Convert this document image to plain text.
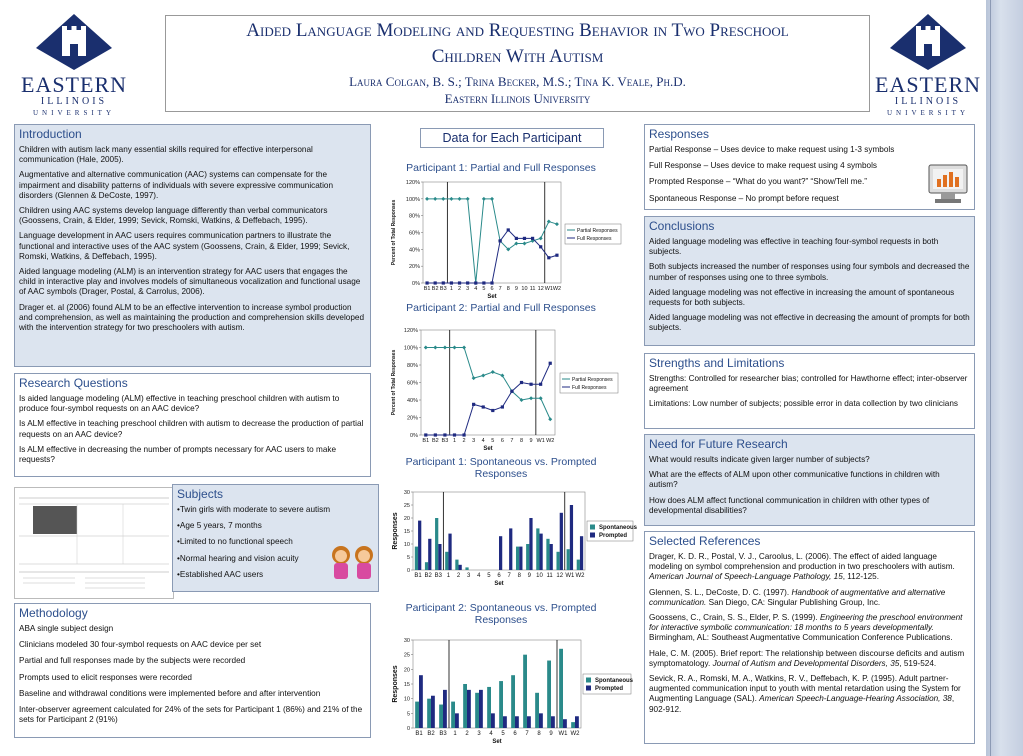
EASTERN
ILLINOIS
UNIVERSITY
EASTERN
ILLINOIS
UNIVERSITY
Aided Language Modeling and Requesting Behavior in Two Preschool
Children With Autism
Laura Colgan, B. S.; Trina Becker, M.S.; Tina K. Veale, Ph.D.
Eastern Illinois University
Introduction

Children with autism lack many essential skills required for effective interpersonal communication (Hale, 2005).

Augmentative and alternative communication (AAC) systems can compensate for the impairment and disability patterns of individuals with severe expressive communication disorders (Glennen & DeCoste, 1997).

Children using AAC systems develop language differently than verbal communicators (Goossens, Crain, & Elder, 1999; Sevick, Romski, Watkins, & Deffebach, 1995).

Language development in AAC users requires communication partners to illustrate the functional and interactive uses of the AAC system (Goossens, Crain, & Elder, 1999; Sevick, Romski, Watkins, & Deffebach, 1995).

Aided language modeling (ALM) is an intervention strategy for AAC users that engages the child in interactive play and involves models of simultaneous vocalization and functional usage of AAC symbols (Drager, Postal, & Carrolus, 2006).

Drager et. al (2006) found ALM to be an effective intervention to increase symbol production and comprehension, as well as maintaining the production and comprehension skills developed with the intervention strategy for two preschoolers with autism.

Research Questions

Is aided language modeling (ALM) effective in teaching preschool children with autism to produce four-symbol requests on an AAC device?

Is ALM effective in teaching preschool children with autism to decrease the production of partial requests on an AAC device?

Is ALM effective in decreasing the number of prompts necessary for AAC users to make requests?

Subjects

•Twin girls with moderate to severe autism

•Age 5 years, 7 months

•Limited to no functional speech

•Normal hearing and vision acuity

•Established AAC users

Methodology

ABA single subject design

Clinicians modeled 30 four-symbol requests on AAC device per set

Partial and full responses made by the subjects were recorded

Prompts used to elicit responses were recorded

Baseline and withdrawal conditions were implemented before and after intervention

Inter-observer agreement calculated for 24% of the sets for Participant 1 (86%) and 21% of the sets for Participant 2 (91%)

Data for Each Participant
Participant 1: Partial and Full Responses
0%
20%
40%
60%
80%
100%
120%
B1 B2 B3 1 2 3 4 5 6 7 8 9 10 11 12 W1 W2
Set
Percent of Total Responses	Partial Responses
Full Responses
Participant 2: Partial and Full Responses
0%
20%
40%
60%
80%
100%
120%
B1 B2 B3 1 2 3 4 5 6 7 8 9 W1 W2
Set
Percent of Total Responses	Partial Responses
Full Responses
Participant 1: Spontaneous vs. Prompted Responses
0
5
10
15
20
25
30
B1 B2 B3 1 2 3 4 5 6 7 8 9 10 11 12 W1 W2
Set
Responses	Spontaneous
Prompted
Participant 2: Spontaneous vs. Prompted Responses
0
5
10
15
20
25
30
B1 B2 B3 1 2 3 4 5 6 7 8 9 W1 W2
Set
Responses	Spontaneous
Prompted
Responses

Partial Response – Uses device to make request using 1-3 symbols

Full Response – Uses device to make request using 4 symbols

Prompted Response – “What do you want?” “Show/Tell me.”

Spontaneous Response – No prompt before request

Conclusions

Aided language modeling was effective in teaching four-symbol requests in both subjects.

Both subjects increased the number of responses using four symbols and decreased the number of responses using one to three symbols.

Aided language modeling was not effective in increasing the amount of spontaneous requests for both subjects.

Aided language modeling was not effective in decreasing the amount of prompts for both subjects.

Strengths and Limitations

Strengths: Controlled for researcher bias; controlled for Hawthorne effect; inter-observer agreement

Limitations: Low number of subjects; possible error in data collection by two clinicians

Need for Future Research

What would results indicate given larger number of subjects?

What are the effects of ALM upon other communicative functions in children with autism?

How does ALM affect functional communication in children with other types of developmental disabilities?

Selected References

Drager, K. D. R., Postal, V. J., Caroolus, L. (2006). The effect of aided language modeling on symbol comprehension and production in two preschoolers with autism. American Journal of Speech-Language Pathology, 15, 112-125.

Glennen, S. L., DeCoste, D. C. (1997). Handbook of augmentative and alternative communication. San Diego, CA: Singular Publishing Group, Inc.

Goossens, C., Crain, S. S., Elder, P. S. (1999). Engineering the preschool environment for interactive symbolic communication: 18 months to 5 years developmentally. Birmingham, AL: Southeast Augmentative Communication Conference Publications.

Hale, C. M. (2005). Brief report: The relationship between discourse deficits and autism symptomatology. Journal of Autism and Developmental Disorders, 35, 519-524.

Sevick, R. A., Romski, M. A., Watkins, R. V., Deffebach, K. P. (1995). Adult partner-augmented communication input to youth with mental retardation using the System for Augmenting Language (SAL). American Speech-Language-Hearing Association, 38, 902-912.
